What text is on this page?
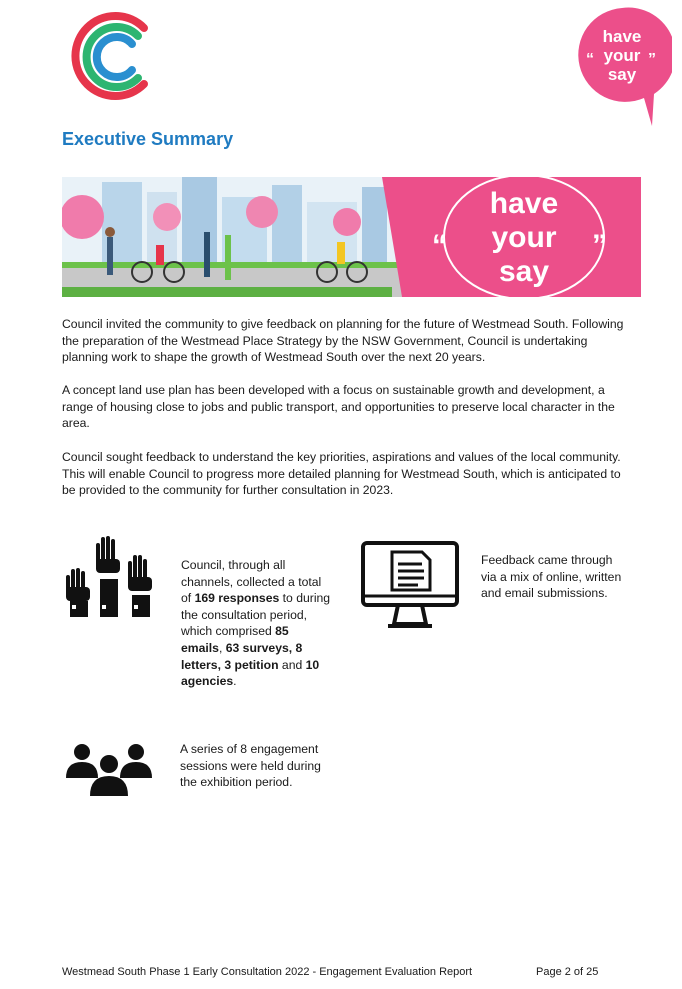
have
your
say
“	”
Executive Summary
have
your
say
“	”

Council invited the community to give feedback on planning for the future of Westmead South. Following the preparation of the Westmead Place Strategy by the NSW Government, Council is undertaking planning work to shape the growth of Westmead South over the next 20 years.

A concept land use plan has been developed with a focus on sustainable growth and development, a range of housing close to jobs and public transport, and opportunities to preserve local character in the area.

Council sought feedback to understand the key priorities, aspirations and values of the local community. This will enable Council to progress more detailed planning for Westmead South, which is anticipated to be provided to the community for further consultation in 2023.

Council, through all channels, collected a total of 169 responses to during the consultation period, which comprised 85 emails, 63 surveys, 8 letters, 3 petition and 10 agencies.

Feedback came through via a mix of online, written and email submissions.

A series of 8 engagement sessions were held during the exhibition period.

Westmead South Phase 1 Early Consultation 2022 - Engagement Evaluation Report	Page 2 of 25
